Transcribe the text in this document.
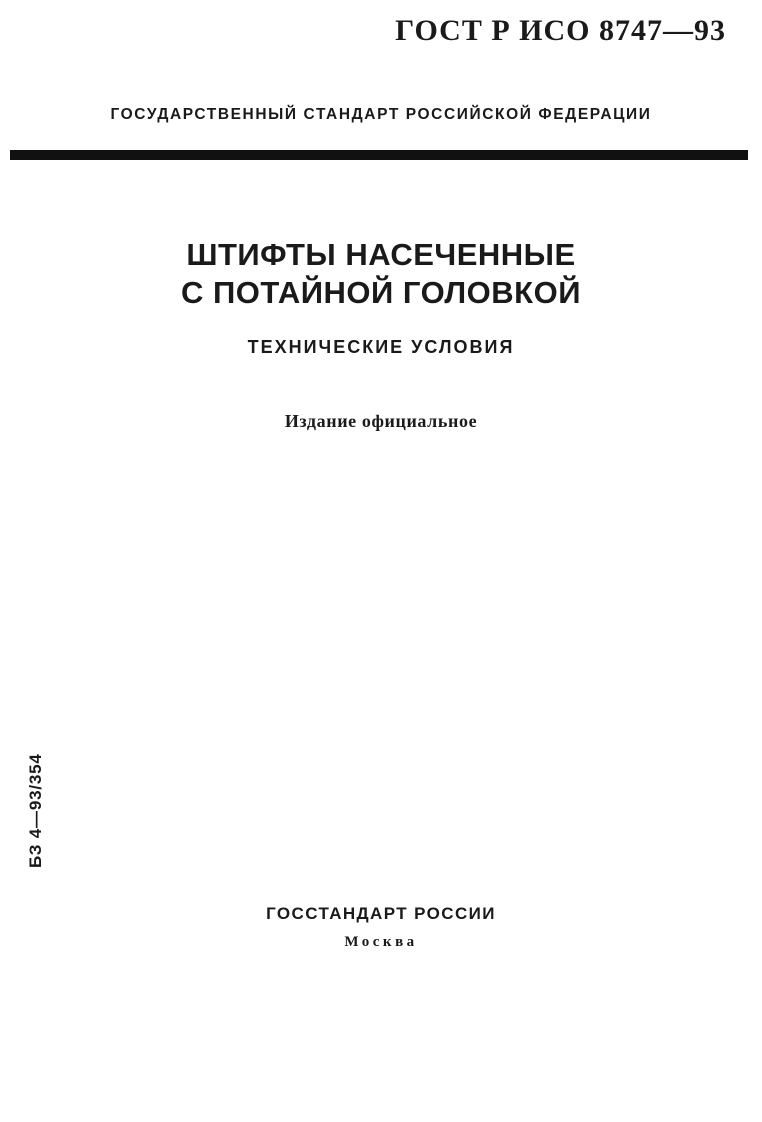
ГОСТ Р ИСО 8747—93
ГОСУДАРСТВЕННЫЙ СТАНДАРТ РОССИЙСКОЙ ФЕДЕРАЦИИ
ШТИФТЫ НАСЕЧЕННЫЕ
С ПОТАЙНОЙ ГОЛОВКОЙ
ТЕХНИЧЕСКИЕ УСЛОВИЯ
Издание официальное
БЗ 4—93/354
ГОССТАНДАРТ РОССИИ
Москва
